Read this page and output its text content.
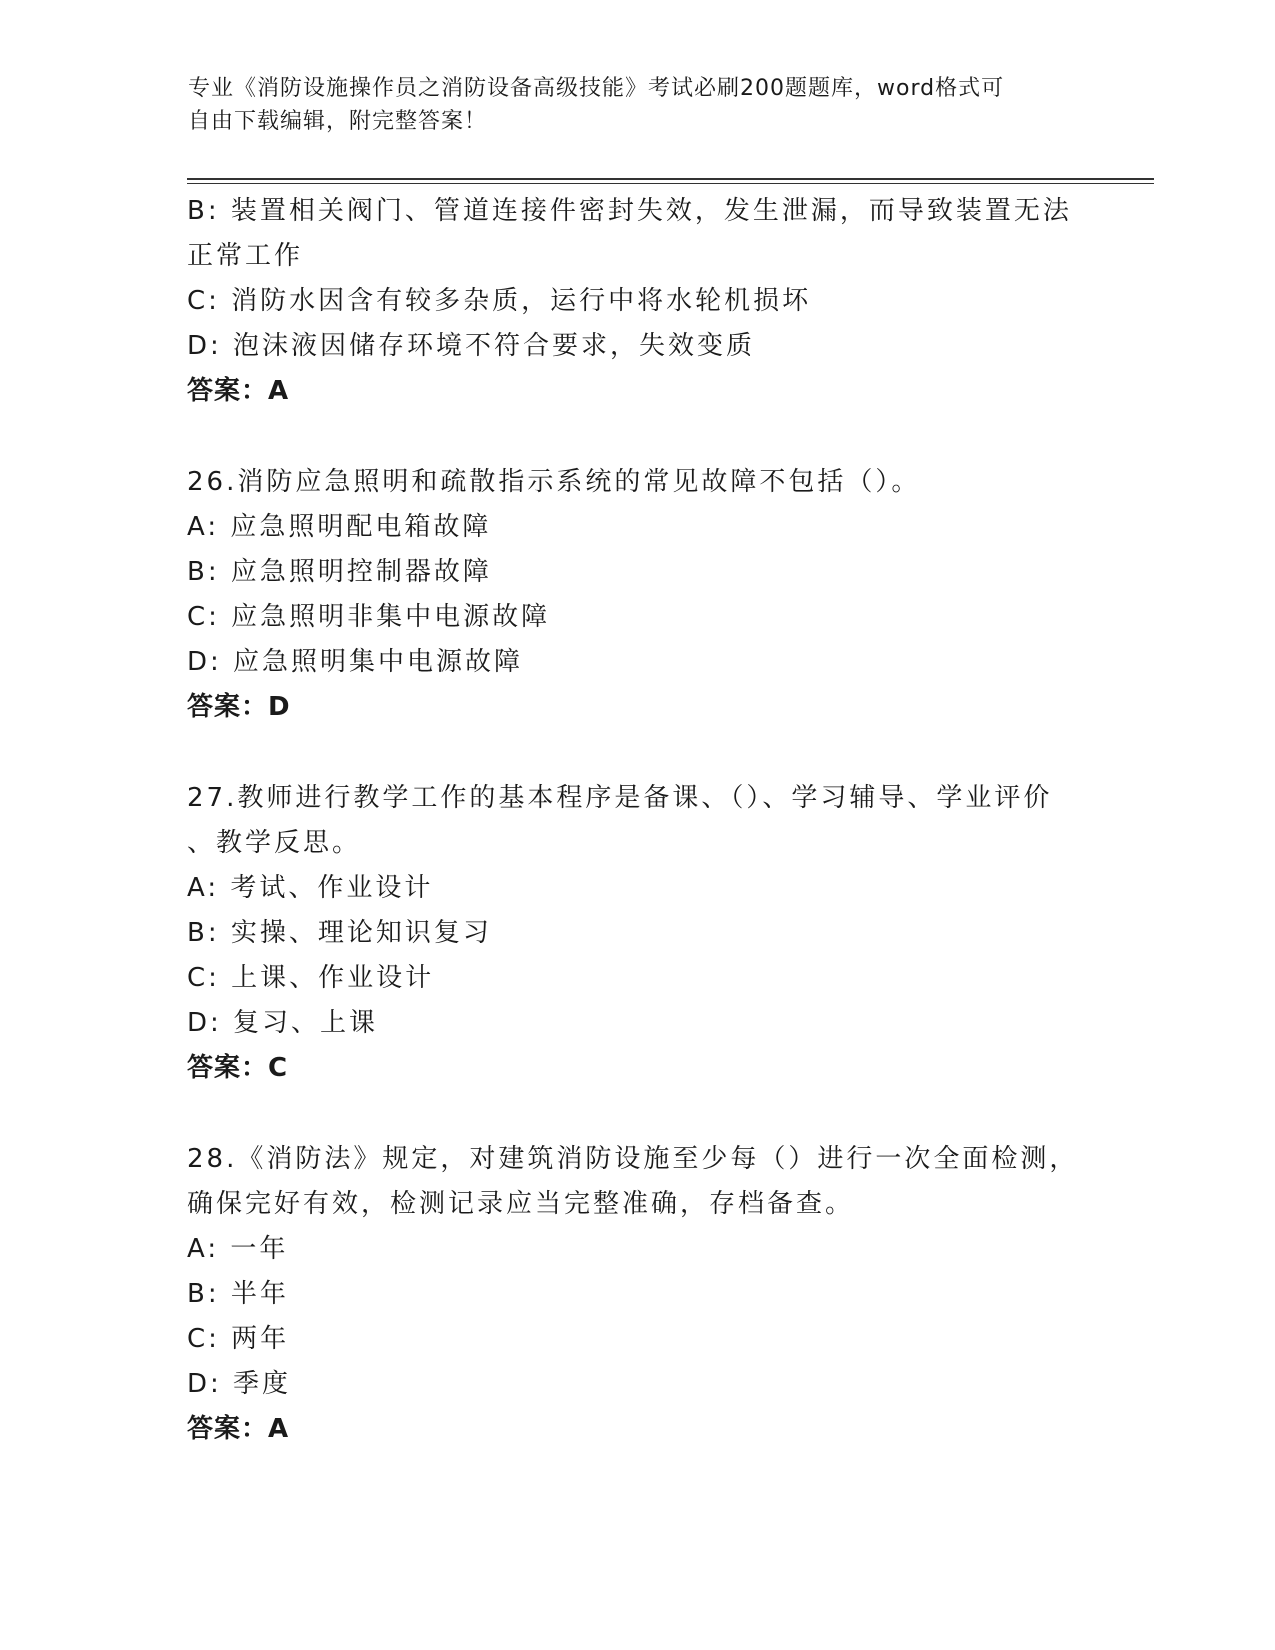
专业《消防设施操作员之消防设备高级技能》考试必刷200题题库，word格式可
自由下载编辑，附完整答案！
B: 装置相关阀门、管道连接件密封失效，发生泄漏，而导致装置无法
正常工作
C: 消防水因含有较多杂质，运行中将水轮机损坏
D: 泡沫液因储存环境不符合要求，失效变质
答案：A
26.消防应急照明和疏散指示系统的常见故障不包括（）。
A: 应急照明配电箱故障
B: 应急照明控制器故障
C: 应急照明非集中电源故障
D: 应急照明集中电源故障
答案：D
27.教师进行教学工作的基本程序是备课、（）、学习辅导、学业评价
、教学反思。
A: 考试、作业设计
B: 实操、理论知识复习
C: 上课、作业设计
D: 复习、上课
答案：C
28.《消防法》规定，对建筑消防设施至少每（）进行一次全面检测，
确保完好有效，检测记录应当完整准确，存档备查。
A: 一年
B: 半年
C: 两年
D: 季度
答案：A
